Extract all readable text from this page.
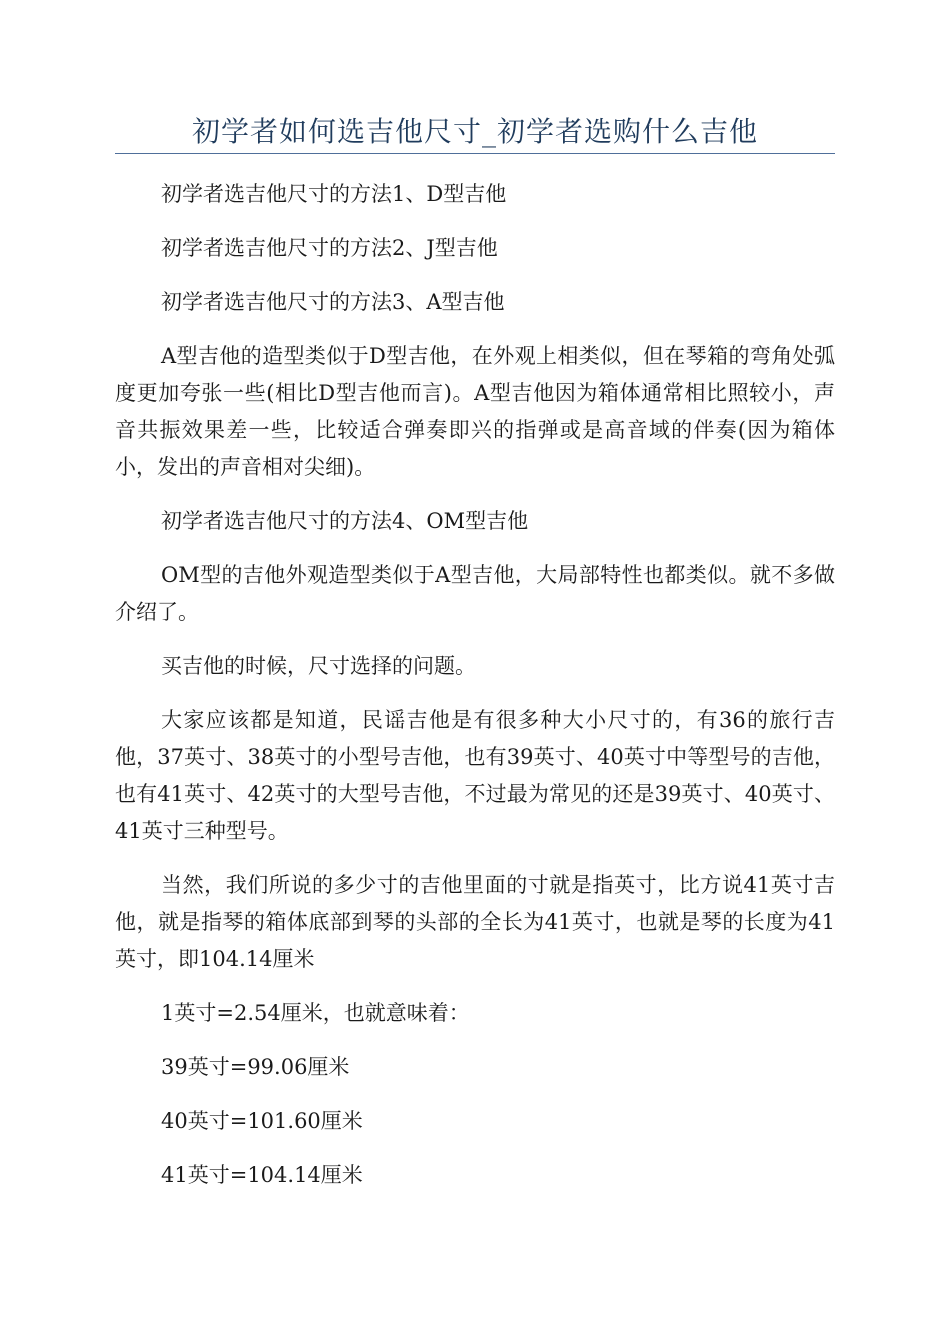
初学者如何选吉他尺寸_初学者选购什么吉他

初学者选吉他尺寸的方法1、D型吉他

初学者选吉他尺寸的方法2、J型吉他

初学者选吉他尺寸的方法3、A型吉他

A型吉他的造型类似于D型吉他，在外观上相类似，但在琴箱的弯角处弧度更加夸张一些(相比D型吉他而言)。A型吉他因为箱体通常相比照较小，声音共振效果差一些，比较适合弹奏即兴的指弹或是高音域的伴奏(因为箱体小，发出的声音相对尖细)。

初学者选吉他尺寸的方法4、OM型吉他

OM型的吉他外观造型类似于A型吉他，大局部特性也都类似。就不多做介绍了。

买吉他的时候，尺寸选择的问题。

大家应该都是知道，民谣吉他是有很多种大小尺寸的，有36的旅行吉他，37英寸、38英寸的小型号吉他，也有39英寸、40英寸中等型号的吉他，也有41英寸、42英寸的大型号吉他，不过最为常见的还是39英寸、40英寸、41英寸三种型号。

当然，我们所说的多少寸的吉他里面的寸就是指英寸，比方说41英寸吉他，就是指琴的箱体底部到琴的头部的全长为41英寸，也就是琴的长度为41英寸，即104.14厘米

1英寸=2.54厘米，也就意味着：

39英寸=99.06厘米

40英寸=101.60厘米

41英寸=104.14厘米
